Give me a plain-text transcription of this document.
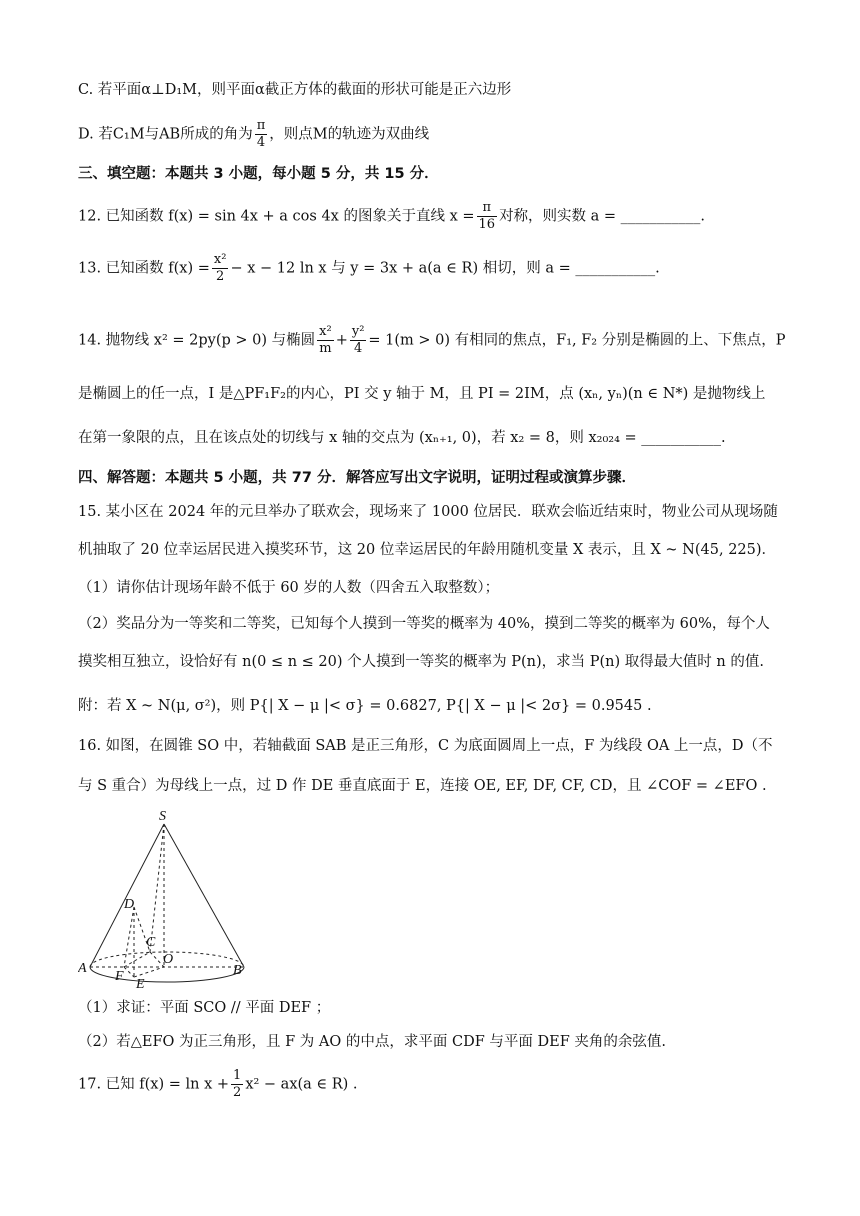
C. 若平面α⊥D₁M，则平面α截正方体的截面的形状可能是正六边形
D. 若C₁M与AB所成的角为 $\frac{\pi}{4}$ ，则点M的轨迹为双曲线
三、填空题：本题共 3 小题，每小题 5 分，共 15 分．
12. 已知函数 f(x) = sin 4x + a cos 4x 的图象关于直线 $x = \frac{\pi}{16}$ 对称，则实数 a = ___________.
13. 已知函数 $f(x) = \frac{\text{x²}}{2} - x - 12$ ln x 与 y = 3x + a(a ∈ R) 相切，则 a = ___________.
14. 抛物线 x² = 2py(p > 0) 与椭圆 $\frac{\text{x²}}{m} + \frac{\text{y²}}{4} = 1(m > 0)$ 有相同的焦点，F₁, F₂ 分别是椭圆的上、下焦点，P
是椭圆上的任一点，I 是△PF₁F₂的内心，PI 交 y 轴于 M，且 PI = 2IM，点 (xₙ, yₙ)(n ∈ N*) 是抛物线上
在第一象限的点，且在该点处的切线与 x 轴的交点为 (xₙ₊₁, 0)，若 x₂ = 8，则 x₂₀₂₄ = ___________.
四、解答题：本题共 5 小题，共 77 分．解答应写出文字说明，证明过程或演算步骤．
15. 某小区在 2024 年的元旦举办了联欢会，现场来了 1000 位居民．联欢会临近结束时，物业公司从现场随
机抽取了 20 位幸运居民进入摸奖环节，这 20 位幸运居民的年龄用随机变量 X 表示，且 X ~ N(45, 225)．
（1）请你估计现场年龄不低于 60 岁的人数（四舍五入取整数）；
（2）奖品分为一等奖和二等奖，已知每个人摸到一等奖的概率为 40%，摸到二等奖的概率为 60%，每个人
摸奖相互独立，设恰好有 n(0 ≤ n ≤ 20) 个人摸到一等奖的概率为 P(n)，求当 P(n) 取得最大值时 n 的值.
附：若 X ~ N(μ, σ²)，则 P{| X − μ |< σ} = 0.6827, P{| X − μ |< 2σ} = 0.9545 .
16. 如图，在圆锥 SO 中，若轴截面 SAB 是正三角形，C 为底面圆周上一点，F 为线段 OA 上一点，D（不
与 S 重合）为母线上一点，过 D 作 DE 垂直底面于 E，连接 OE, EF, DF, CF, CD，且 ∠COF = ∠EFO .
S
D
C
O
A	B
F
E
（1）求证：平面 SCO // 平面 DEF ；
（2）若△EFO 为正三角形，且 F 为 AO 的中点，求平面 CDF 与平面 DEF 夹角的余弦值.
17. 已知 $f(x) = \ln x + \frac{1}{2} x^2 - ax(a$ ∈ R) .
